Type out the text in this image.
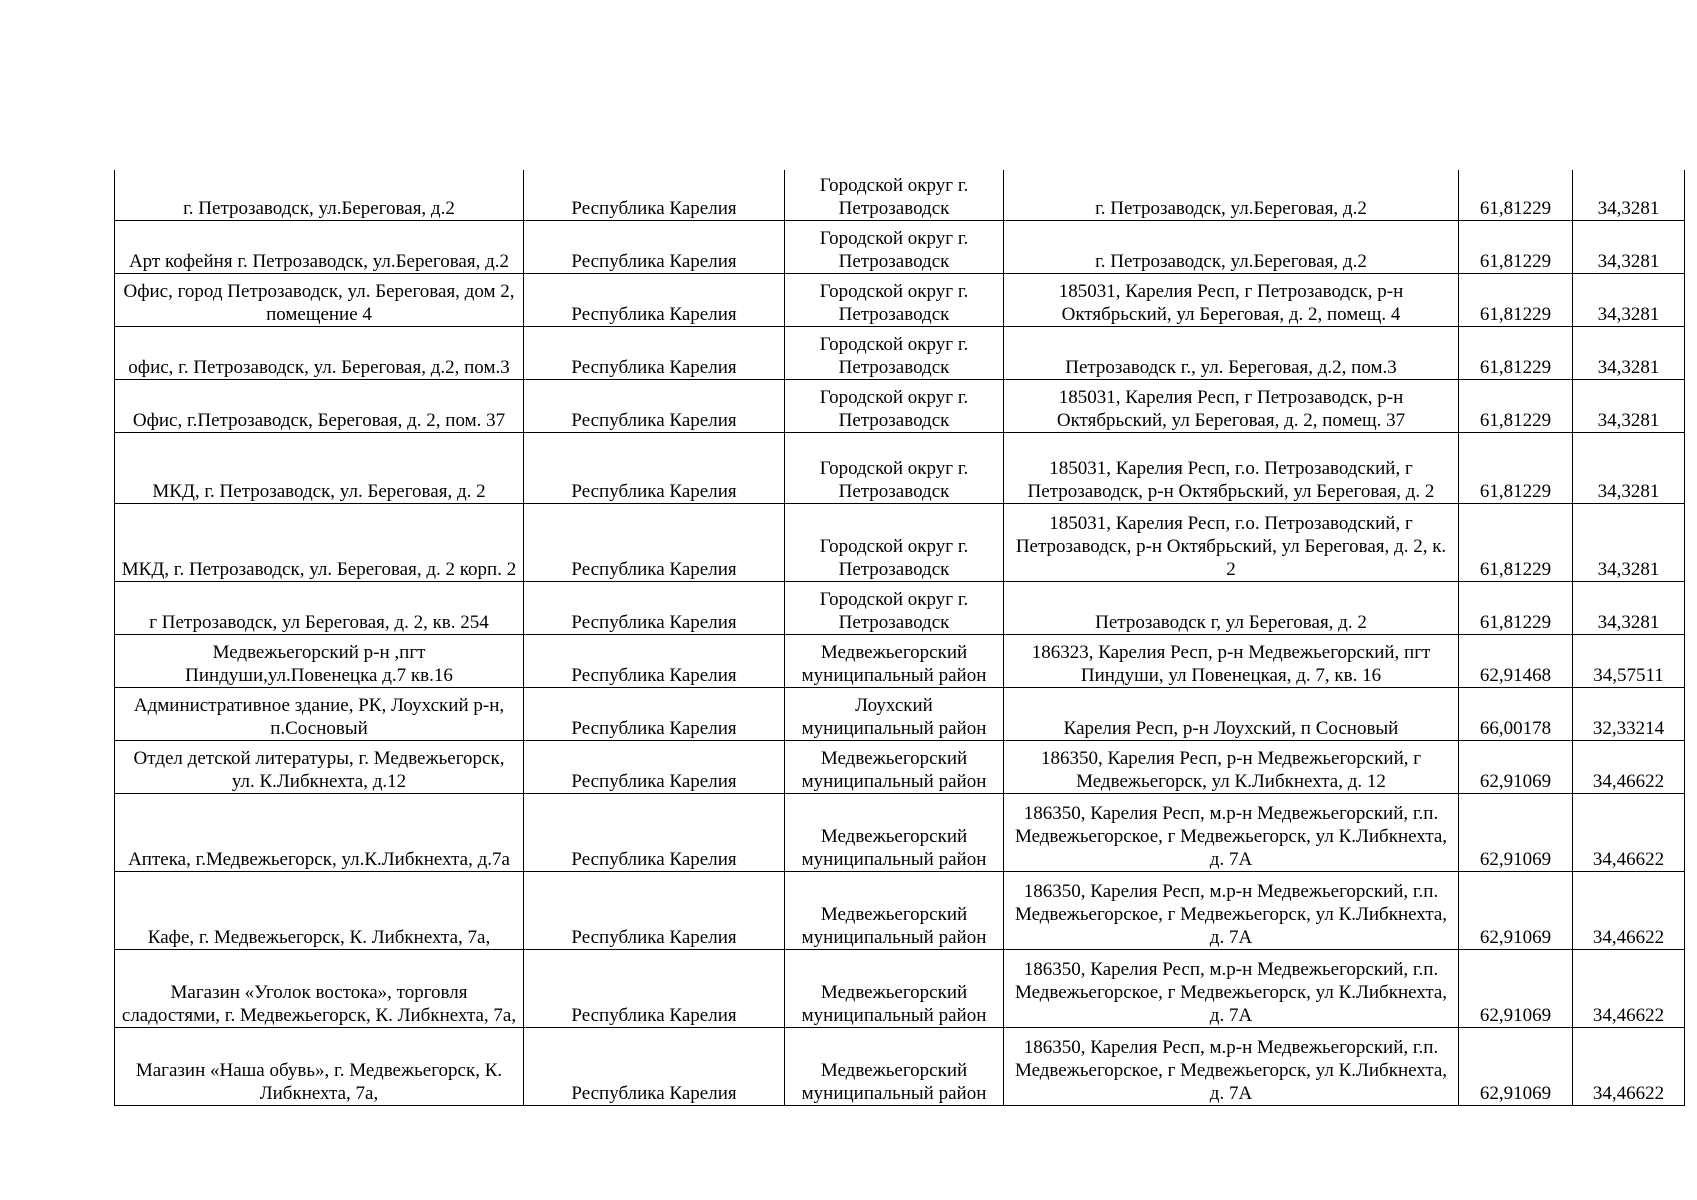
г. Петрозаводск, ул.Береговая, д.2	Республика Карелия	Городской округ г. Петрозаводск	г. Петрозаводск, ул.Береговая, д.2	61,81229	34,3281
Арт кофейня г. Петрозаводск, ул.Береговая, д.2	Республика Карелия	Городской округ г. Петрозаводск	г. Петрозаводск, ул.Береговая, д.2	61,81229	34,3281
Офис, город Петрозаводск, ул. Береговая, дом 2, помещение 4	Республика Карелия	Городской округ г. Петрозаводск	185031, Карелия Респ, г Петрозаводск, р-н Октябрьский, ул Береговая, д. 2, помещ. 4	61,81229	34,3281
офис, г. Петрозаводск, ул. Береговая, д.2, пом.3	Республика Карелия	Городской округ г. Петрозаводск	Петрозаводск г., ул. Береговая, д.2, пом.3	61,81229	34,3281
Офис, г.Петрозаводск, Береговая, д. 2, пом. 37	Республика Карелия	Городской округ г. Петрозаводск	185031, Карелия Респ, г Петрозаводск, р-н Октябрьский, ул Береговая, д. 2, помещ. 37	61,81229	34,3281
МКД, г. Петрозаводск, ул. Береговая, д. 2	Республика Карелия	Городской округ г. Петрозаводск	185031, Карелия Респ, г.о. Петрозаводский, г Петрозаводск, р-н Октябрьский, ул Береговая, д. 2	61,81229	34,3281
МКД, г. Петрозаводск, ул. Береговая, д. 2 корп. 2	Республика Карелия	Городской округ г. Петрозаводск	185031, Карелия Респ, г.о. Петрозаводский, г Петрозаводск, р-н Октябрьский, ул Береговая, д. 2, к. 2	61,81229	34,3281
г Петрозаводск, ул Береговая, д. 2, кв. 254	Республика Карелия	Городской округ г. Петрозаводск	Петрозаводск г, ул Береговая, д. 2	61,81229	34,3281
Медвежьегорский р-н ,пгт Пиндуши,ул.Повенецка д.7 кв.16	Республика Карелия	Медвежьегорский муниципальный район	186323, Карелия Респ, р-н Медвежьегорский, пгт Пиндуши, ул Повенецкая, д. 7, кв. 16	62,91468	34,57511
Административное здание, РК, Лоухский р-н, п.Сосновый	Республика Карелия	Лоухский муниципальный район	Карелия Респ, р-н Лоухский, п Сосновый	66,00178	32,33214
Отдел детской литературы, г. Медвежьегорск, ул. К.Либкнехта, д.12	Республика Карелия	Медвежьегорский муниципальный район	186350, Карелия Респ, р-н Медвежьегорский, г Медвежьегорск, ул К.Либкнехта, д. 12	62,91069	34,46622
Аптека, г.Медвежьегорск, ул.К.Либкнехта, д.7а	Республика Карелия	Медвежьегорский муниципальный район	186350, Карелия Респ, м.р-н Медвежьегорский, г.п. Медвежьегорское, г Медвежьегорск, ул К.Либкнехта, д. 7А	62,91069	34,46622
Кафе, г. Медвежьегорск, К. Либкнехта, 7а,	Республика Карелия	Медвежьегорский муниципальный район	186350, Карелия Респ, м.р-н Медвежьегорский, г.п. Медвежьегорское, г Медвежьегорск, ул К.Либкнехта, д. 7А	62,91069	34,46622
Магазин «Уголок востока», торговля сладостями, г. Медвежьегорск, К. Либкнехта, 7а,	Республика Карелия	Медвежьегорский муниципальный район	186350, Карелия Респ, м.р-н Медвежьегорский, г.п. Медвежьегорское, г Медвежьегорск, ул К.Либкнехта, д. 7А	62,91069	34,46622
Магазин «Наша обувь», г. Медвежьегорск, К. Либкнехта, 7а,	Республика Карелия	Медвежьегорский муниципальный район	186350, Карелия Респ, м.р-н Медвежьегорский, г.п. Медвежьегорское, г Медвежьегорск, ул К.Либкнехта, д. 7А	62,91069	34,46622
